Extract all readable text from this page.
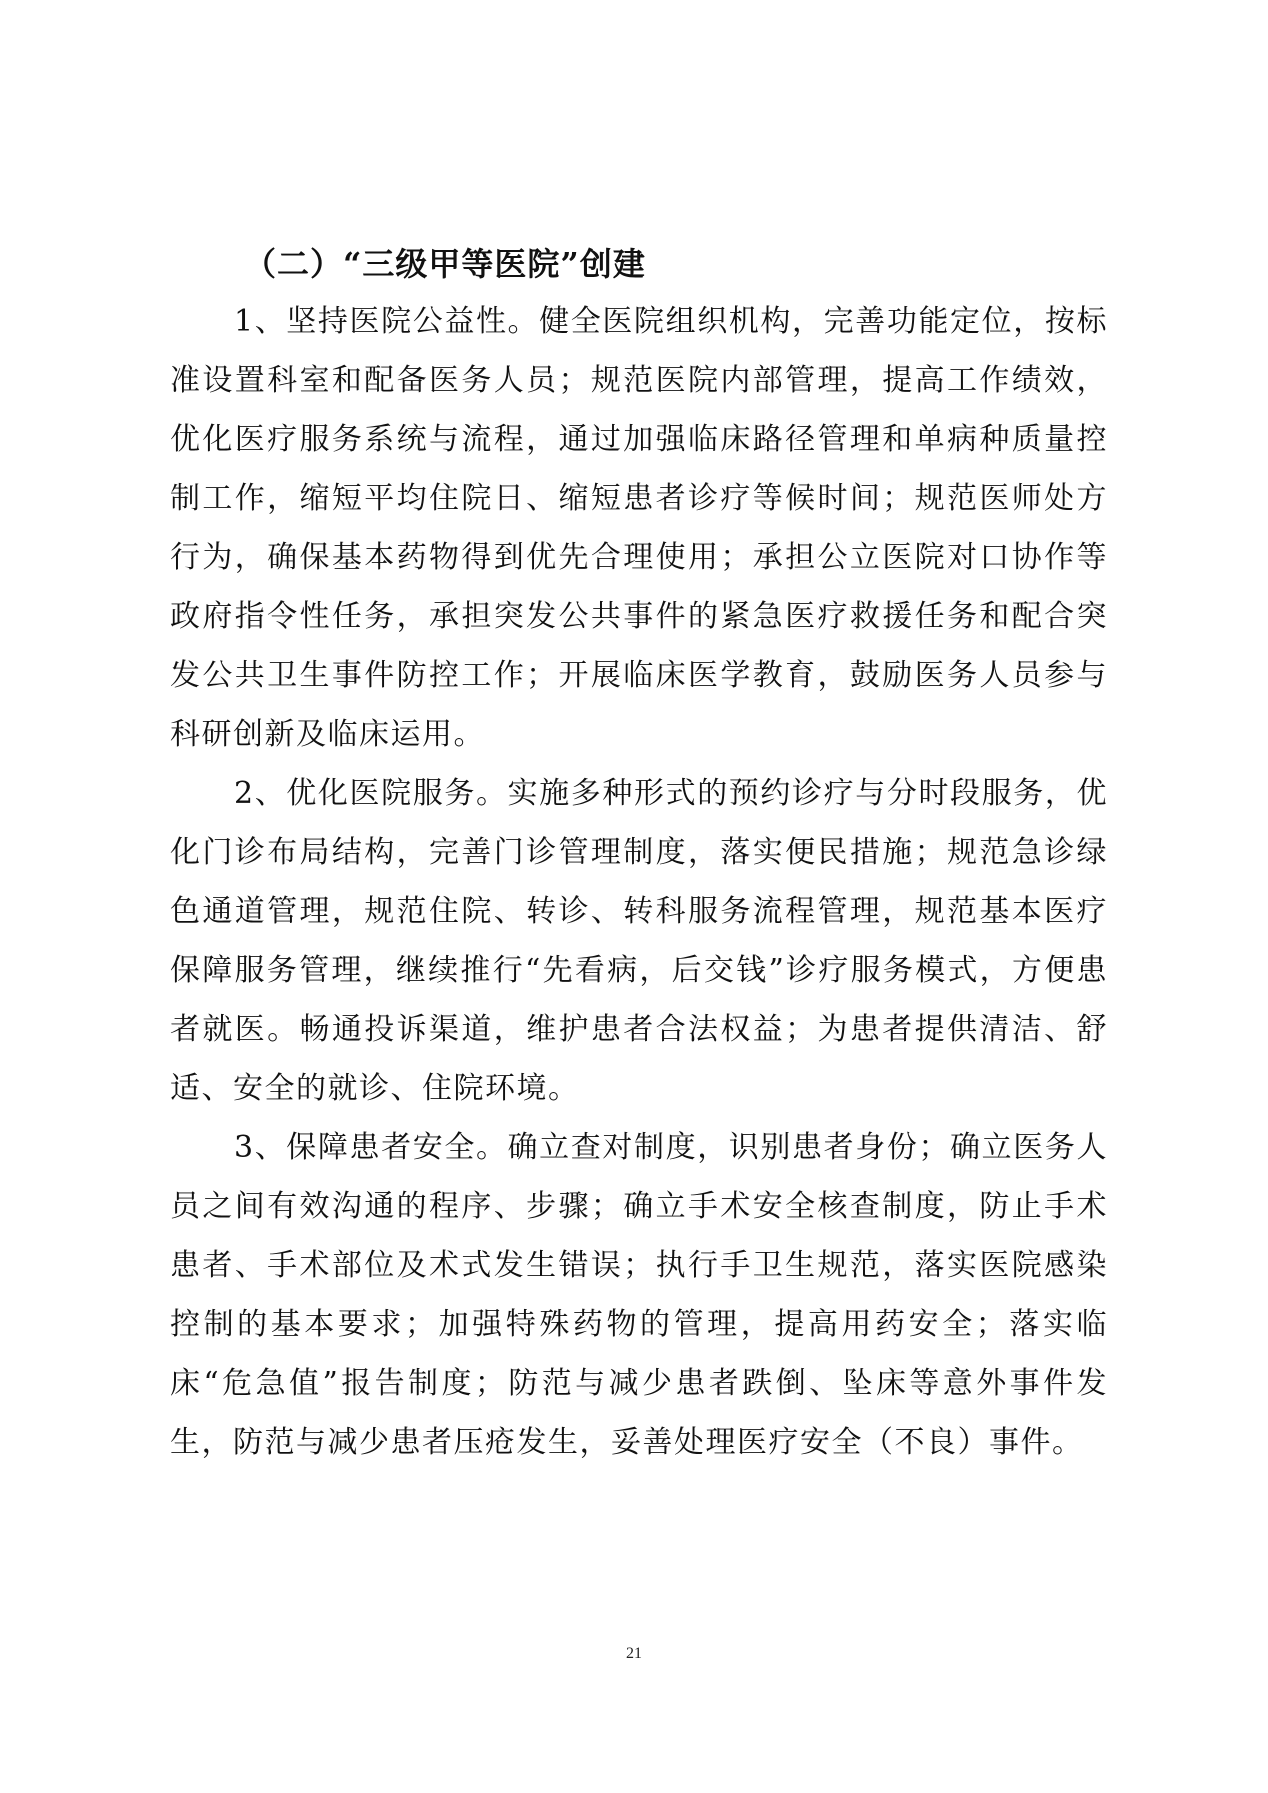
（二）“三级甲等医院”创建

1、坚持医院公益性。健全医院组织机构，完善功能定位，按标准设置科室和配备医务人员；规范医院内部管理，提高工作绩效，优化医疗服务系统与流程，通过加强临床路径管理和单病种质量控制工作，缩短平均住院日、缩短患者诊疗等候时间；规范医师处方行为，确保基本药物得到优先合理使用；承担公立医院对口协作等政府指令性任务，承担突发公共事件的紧急医疗救援任务和配合突发公共卫生事件防控工作；开展临床医学教育，鼓励医务人员参与科研创新及临床运用。

2、优化医院服务。实施多种形式的预约诊疗与分时段服务，优化门诊布局结构，完善门诊管理制度，落实便民措施；规范急诊绿色通道管理，规范住院、转诊、转科服务流程管理，规范基本医疗保障服务管理，继续推行“先看病，后交钱”诊疗服务模式，方便患者就医。畅通投诉渠道，维护患者合法权益；为患者提供清洁、舒适、安全的就诊、住院环境。

3、保障患者安全。确立查对制度，识别患者身份；确立医务人员之间有效沟通的程序、步骤；确立手术安全核查制度，防止手术患者、手术部位及术式发生错误；执行手卫生规范，落实医院感染控制的基本要求；加强特殊药物的管理，提高用药安全；落实临床“危急值”报告制度；防范与减少患者跌倒、坠床等意外事件发生，防范与减少患者压疮发生，妥善处理医疗安全（不良）事件。

21
